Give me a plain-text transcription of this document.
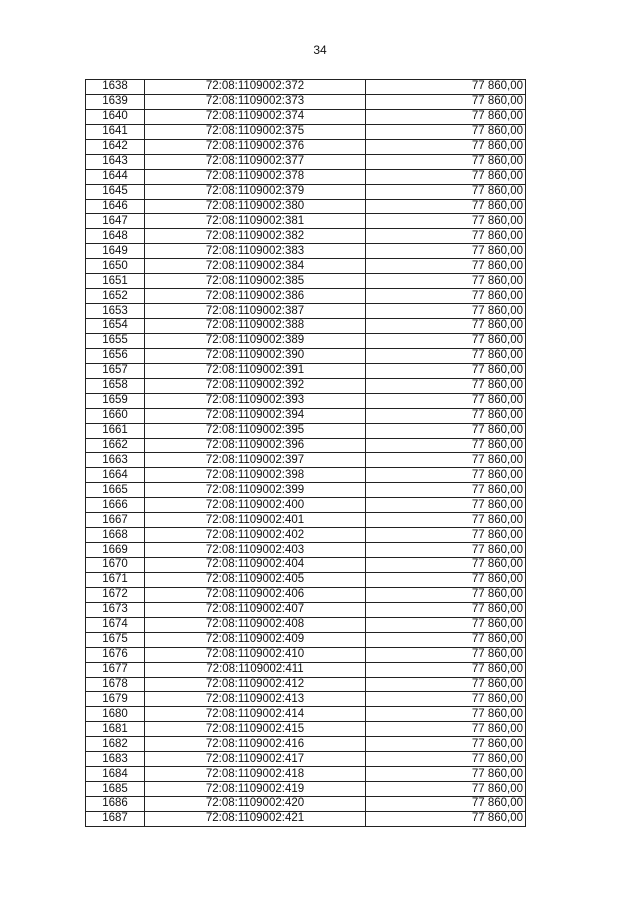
34
1638	72:08:1109002:372	77 860,00
1639	72:08:1109002:373	77 860,00
1640	72:08:1109002:374	77 860,00
1641	72:08:1109002:375	77 860,00
1642	72:08:1109002:376	77 860,00
1643	72:08:1109002:377	77 860,00
1644	72:08:1109002:378	77 860,00
1645	72:08:1109002:379	77 860,00
1646	72:08:1109002:380	77 860,00
1647	72:08:1109002:381	77 860,00
1648	72:08:1109002:382	77 860,00
1649	72:08:1109002:383	77 860,00
1650	72:08:1109002:384	77 860,00
1651	72:08:1109002:385	77 860,00
1652	72:08:1109002:386	77 860,00
1653	72:08:1109002:387	77 860,00
1654	72:08:1109002:388	77 860,00
1655	72:08:1109002:389	77 860,00
1656	72:08:1109002:390	77 860,00
1657	72:08:1109002:391	77 860,00
1658	72:08:1109002:392	77 860,00
1659	72:08:1109002:393	77 860,00
1660	72:08:1109002:394	77 860,00
1661	72:08:1109002:395	77 860,00
1662	72:08:1109002:396	77 860,00
1663	72:08:1109002:397	77 860,00
1664	72:08:1109002:398	77 860,00
1665	72:08:1109002:399	77 860,00
1666	72:08:1109002:400	77 860,00
1667	72:08:1109002:401	77 860,00
1668	72:08:1109002:402	77 860,00
1669	72:08:1109002:403	77 860,00
1670	72:08:1109002:404	77 860,00
1671	72:08:1109002:405	77 860,00
1672	72:08:1109002:406	77 860,00
1673	72:08:1109002:407	77 860,00
1674	72:08:1109002:408	77 860,00
1675	72:08:1109002:409	77 860,00
1676	72:08:1109002:410	77 860,00
1677	72:08:1109002:411	77 860,00
1678	72:08:1109002:412	77 860,00
1679	72:08:1109002:413	77 860,00
1680	72:08:1109002:414	77 860,00
1681	72:08:1109002:415	77 860,00
1682	72:08:1109002:416	77 860,00
1683	72:08:1109002:417	77 860,00
1684	72:08:1109002:418	77 860,00
1685	72:08:1109002:419	77 860,00
1686	72:08:1109002:420	77 860,00
1687	72:08:1109002:421	77 860,00
